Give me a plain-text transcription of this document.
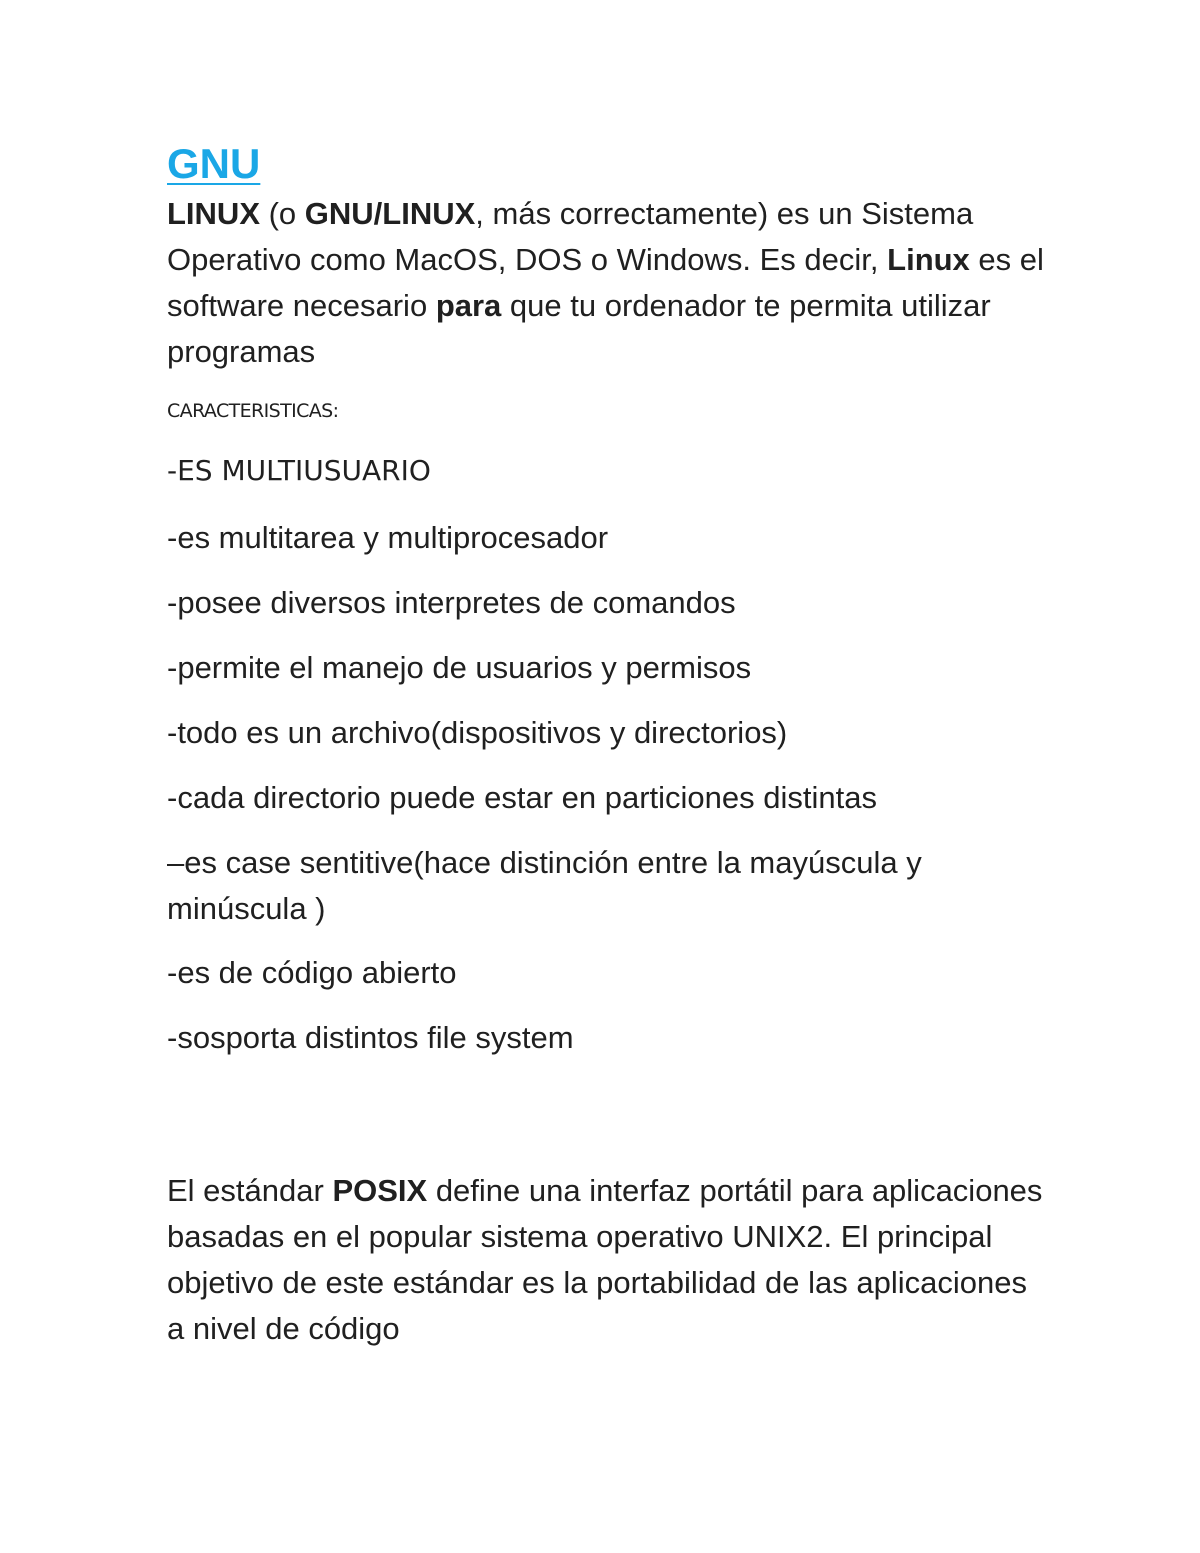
GNU

LINUX (o GNU/LINUX, más correctamente) es un Sistema Operativo como MacOS, DOS o Windows. Es decir, Linux es el software necesario para que tu ordenador te permita utilizar programas

CARACTERISTICAS:

-ES MULTIUSUARIO

-es multitarea y multiprocesador

-posee diversos interpretes de comandos

-permite el manejo de usuarios y permisos

-todo es un archivo(dispositivos y directorios)

-cada directorio puede estar en particiones distintas

–es case sentitive(hace distinción entre la mayúscula y minúscula )

-es de código abierto

-sosporta distintos file system

El estándar POSIX define una interfaz portátil para aplicaciones basadas en el popular sistema operativo UNIX2. El principal objetivo de este estándar es la portabilidad de las aplicaciones a nivel de código
